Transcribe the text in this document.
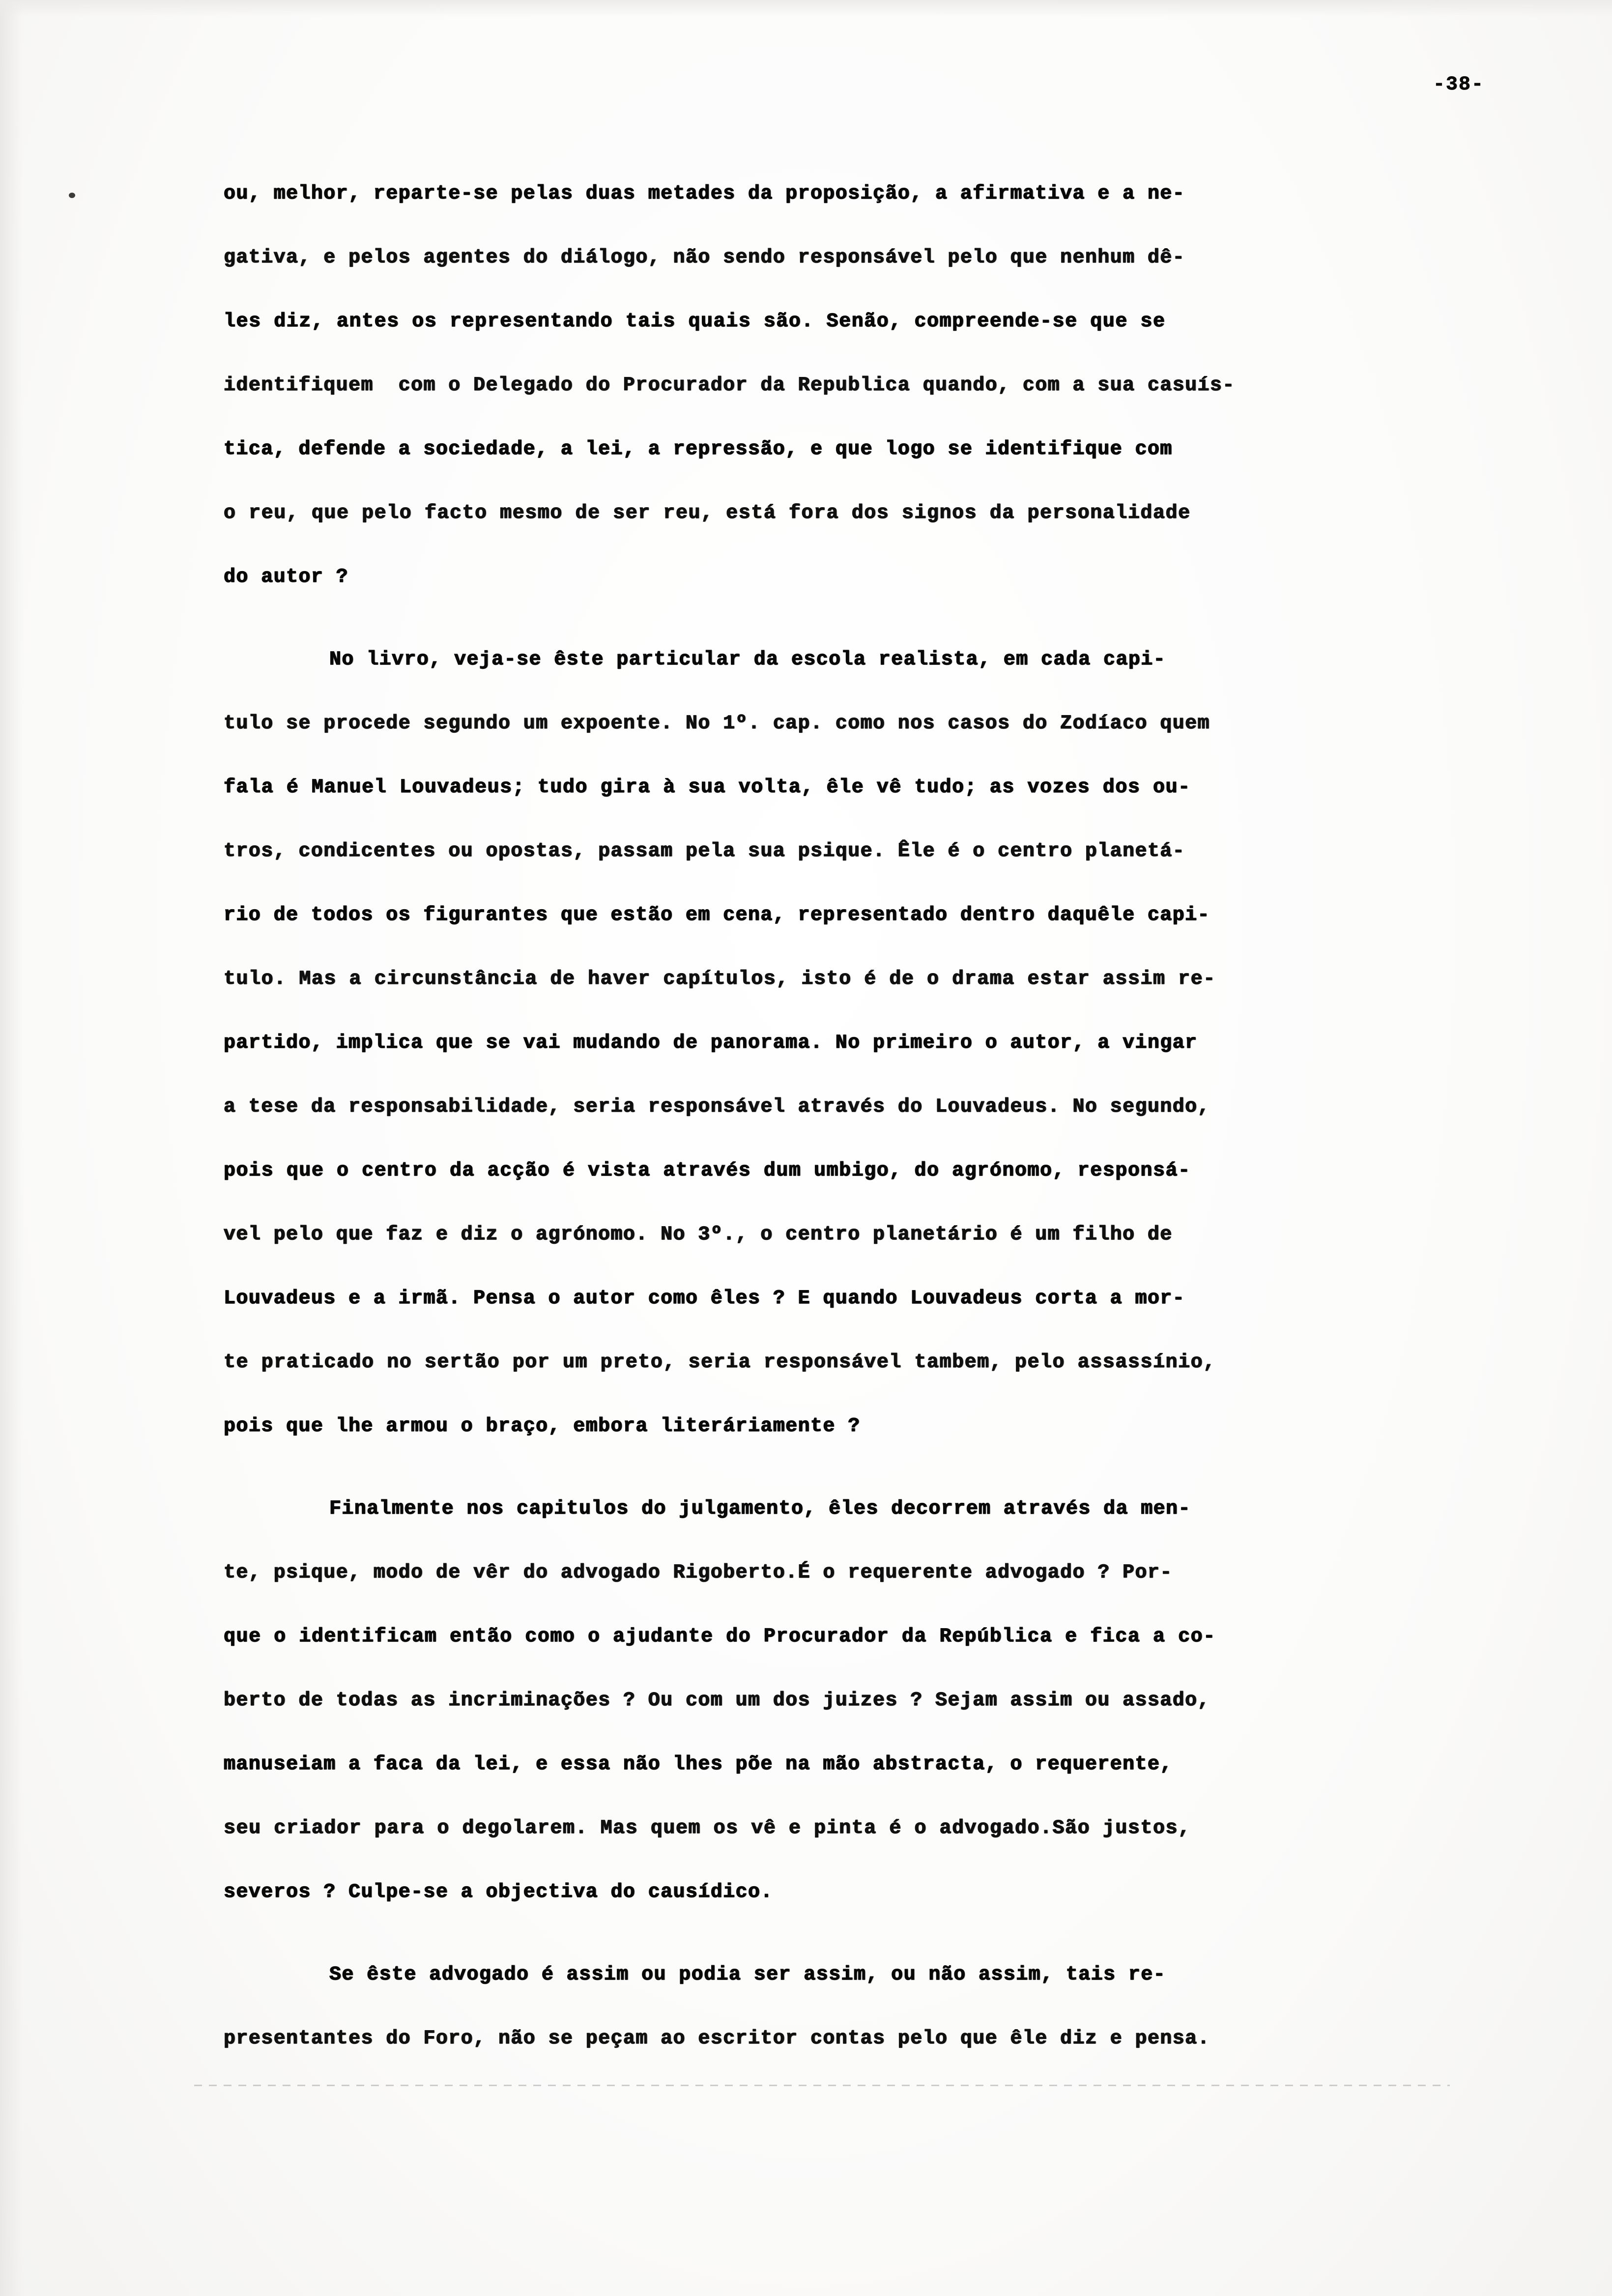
-38-
ou, melhor, reparte-se pelas duas metades da proposição, a afirmativa e a ne-
gativa, e pelos agentes do diálogo, não sendo responsável pelo que nenhum dê-
les diz, antes os representando tais quais são. Senão, compreende-se que se
identifiquem  com o Delegado do Procurador da Republica quando, com a sua casuís-
tica, defende a sociedade, a lei, a repressão, e que logo se identifique com
o reu, que pelo facto mesmo de ser reu, está fora dos signos da personalidade
do autor ?
No livro, veja-se êste particular da escola realista, em cada capi-
tulo se procede segundo um expoente. No 1º. cap. como nos casos do Zodíaco quem
fala é Manuel Louvadeus; tudo gira à sua volta, êle vê tudo; as vozes dos ou-
tros, condicentes ou opostas, passam pela sua psique. Êle é o centro planetá-
rio de todos os figurantes que estão em cena, representado dentro daquêle capi-
tulo. Mas a circunstância de haver capítulos, isto é de o drama estar assim re-
partido, implica que se vai mudando de panorama. No primeiro o autor, a vingar
a tese da responsabilidade, seria responsável através do Louvadeus. No segundo,
pois que o centro da acção é vista através dum umbigo, do agrónomo, responsá-
vel pelo que faz e diz o agrónomo. No 3º., o centro planetário é um filho de
Louvadeus e a irmã. Pensa o autor como êles ? E quando Louvadeus corta a mor-
te praticado no sertão por um preto, seria responsável tambem, pelo assassínio,
pois que lhe armou o braço, embora literáriamente ?
Finalmente nos capitulos do julgamento, êles decorrem através da men-
te, psique, modo de vêr do advogado Rigoberto.É o requerente advogado ? Por-
que o identificam então como o ajudante do Procurador da República e fica a co-
berto de todas as incriminações ? Ou com um dos juizes ? Sejam assim ou assado,
manuseiam a faca da lei, e essa não lhes põe na mão abstracta, o requerente,
seu criador para o degolarem. Mas quem os vê e pinta é o advogado.São justos,
severos ? Culpe-se a objectiva do causídico.
Se êste advogado é assim ou podia ser assim, ou não assim, tais re-
presentantes do Foro, não se peçam ao escritor contas pelo que êle diz e pensa.
